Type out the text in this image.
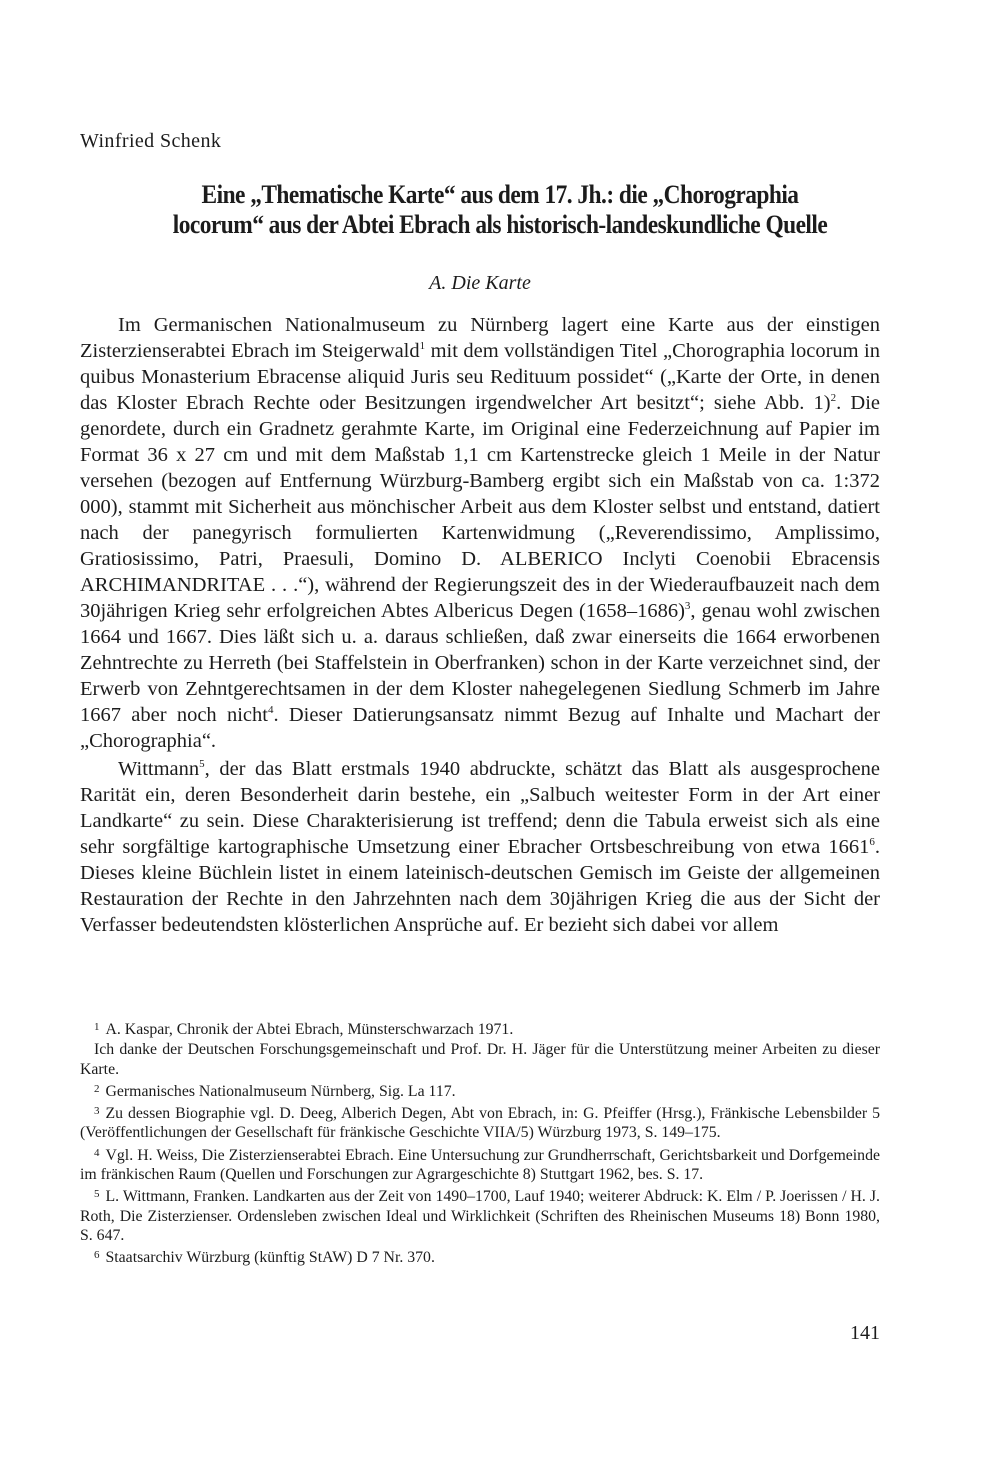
Winfried Schenk
Eine „Thematische Karte“ aus dem 17. Jh.: die „Chorographia
locorum“ aus der Abtei Ebrach als historisch-landeskundliche Quelle
A. Die Karte

Im Germanischen Nationalmuseum zu Nürnberg lagert eine Karte aus der einstigen Zisterzienserabtei Ebrach im Steigerwald$^1$ mit dem vollständigen Titel „Chorographia locorum in quibus Monasterium Ebracense aliquid Juris seu Redituum possidet“ („Karte der Orte, in denen das Kloster Ebrach Rechte oder Besitzungen irgendwelcher Art besitzt“; siehe Abb. 1)$^2$. Die genordete, durch ein Gradnetz gerahmte Karte, im Original eine Federzeichnung auf Papier im Format 36 x 27 cm und mit dem Maßstab 1,1 cm Kartenstrecke gleich 1 Meile in der Natur versehen (bezogen auf Entfernung Würzburg-Bamberg ergibt sich ein Maßstab von ca. 1:372 000), stammt mit Sicherheit aus mönchischer Arbeit aus dem Kloster selbst und entstand, datiert nach der panegyrisch formulierten Kartenwidmung („Reverendissimo, Amplissimo, Gratiosissimo, Patri, Praesuli, Domino D. ALBERICO Inclyti Coenobii Ebracensis ARCHIMANDRITAE . . .“), während der Regierungszeit des in der Wiederaufbauzeit nach dem 30jährigen Krieg sehr erfolgreichen Abtes Albericus Degen (1658–1686)$^3$, genau wohl zwischen 1664 und 1667. Dies läßt sich u. a. daraus schließen, daß zwar einerseits die 1664 erworbenen Zehntrechte zu Herreth (bei Staffelstein in Oberfranken) schon in der Karte verzeichnet sind, der Erwerb von Zehntgerechtsamen in der dem Kloster nahegelegenen Siedlung Schmerb im Jahre 1667 aber noch nicht$^4$. Dieser Datierungsansatz nimmt Bezug auf Inhalte und Machart der „Chorographia“.

Wittmann$^5$, der das Blatt erstmals 1940 abdruckte, schätzt das Blatt als ausgesprochene Rarität ein, deren Besonderheit darin bestehe, ein „Salbuch weitester Form in der Art einer Landkarte“ zu sein. Diese Charakterisierung ist treffend; denn die Tabula erweist sich als eine sehr sorgfältige kartographische Umsetzung einer Ebracher Ortsbeschreibung von etwa 1661$^6$. Dieses kleine Büchlein listet in einem lateinisch-deutschen Gemisch im Geiste der allgemeinen Restauration der Rechte in den Jahrzehnten nach dem 30jährigen Krieg die aus der Sicht der Verfasser bedeutendsten klösterlichen Ansprüche auf. Er bezieht sich dabei vor allem

$^1$ A. Kaspar, Chronik der Abtei Ebrach, Münsterschwarzach 1971.

Ich danke der Deutschen Forschungsgemeinschaft und Prof. Dr. H. Jäger für die Unterstützung meiner Arbeiten zu dieser Karte.

$^2$ Germanisches Nationalmuseum Nürnberg, Sig. La 117.

$^3$ Zu dessen Biographie vgl. D. Deeg, Alberich Degen, Abt von Ebrach, in: G. Pfeiffer (Hrsg.), Fränkische Lebensbilder 5 (Veröffentlichungen der Gesellschaft für fränkische Geschichte VIIA/5) Würzburg 1973, S. 149–175.

$^4$ Vgl. H. Weiss, Die Zisterzienserabtei Ebrach. Eine Untersuchung zur Grundherrschaft, Gerichtsbarkeit und Dorfgemeinde im fränkischen Raum (Quellen und Forschungen zur Agrargeschichte 8) Stuttgart 1962, bes. S. 17.

$^5$ L. Wittmann, Franken. Landkarten aus der Zeit von 1490–1700, Lauf 1940; weiterer Abdruck: K. Elm / P. Joerissen / H. J. Roth, Die Zisterzienser. Ordensleben zwischen Ideal und Wirklichkeit (Schriften des Rheinischen Museums 18) Bonn 1980, S. 647.

$^6$ Staatsarchiv Würzburg (künftig StAW) D 7 Nr. 370.

141
